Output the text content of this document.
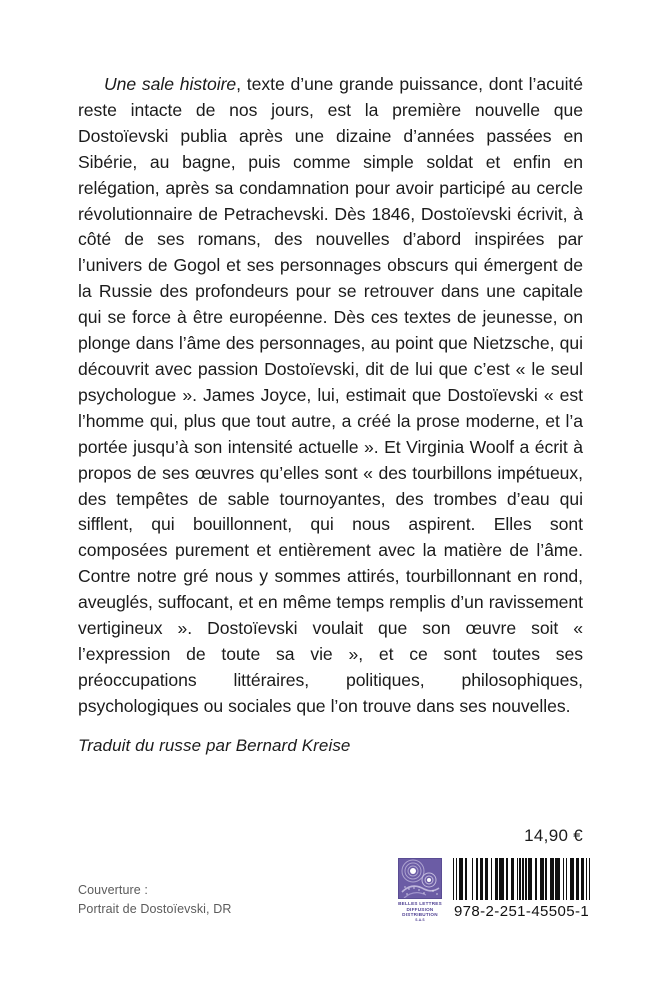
Une sale histoire, texte d’une grande puissance, dont l’acuité reste intacte de nos jours, est la première nouvelle que Dostoïevski publia après une dizaine d’années passées en Sibérie, au bagne, puis comme simple soldat et enfin en relégation, après sa condamnation pour avoir participé au cercle révolutionnaire de Petrachevski. Dès 1846, Dostoïevski écrivit, à côté de ses romans, des nouvelles d’abord inspirées par l’univers de Gogol et ses personnages obscurs qui émergent de la Russie des profondeurs pour se retrouver dans une capitale qui se force à être européenne. Dès ces textes de jeunesse, on plonge dans l’âme des personnages, au point que Nietzsche, qui découvrit avec passion Dostoïevski, dit de lui que c’est « le seul psychologue ». James Joyce, lui, estimait que Dostoïevski « est l’homme qui, plus que tout autre, a créé la prose moderne, et l’a portée jusqu’à son intensité actuelle ». Et Virginia Woolf a écrit à propos de ses œuvres qu’elles sont « des tourbillons impétueux, des tempêtes de sable tournoyantes, des trombes d’eau qui sifflent, qui bouillonnent, qui nous aspirent. Elles sont composées purement et entièrement avec la matière de l’âme. Contre notre gré nous y sommes attirés, tourbillonnant en rond, aveuglés, suffocant, et en même temps remplis d’un ravissement vertigineux ». Dostoïevski voulait que son œuvre soit « l’expression de toute sa vie », et ce sont toutes ses préoccupations littéraires, politiques, philosophiques, psychologiques ou sociales que l’on trouve dans ses nouvelles.
Traduit du russe par Bernard Kreise
14,90 €
Couverture :
Portrait de Dostoïevski, DR	BELLES LETTRES
DIFFUSION
DISTRIBUTION
S.A.S	978-2-251-45505-1
